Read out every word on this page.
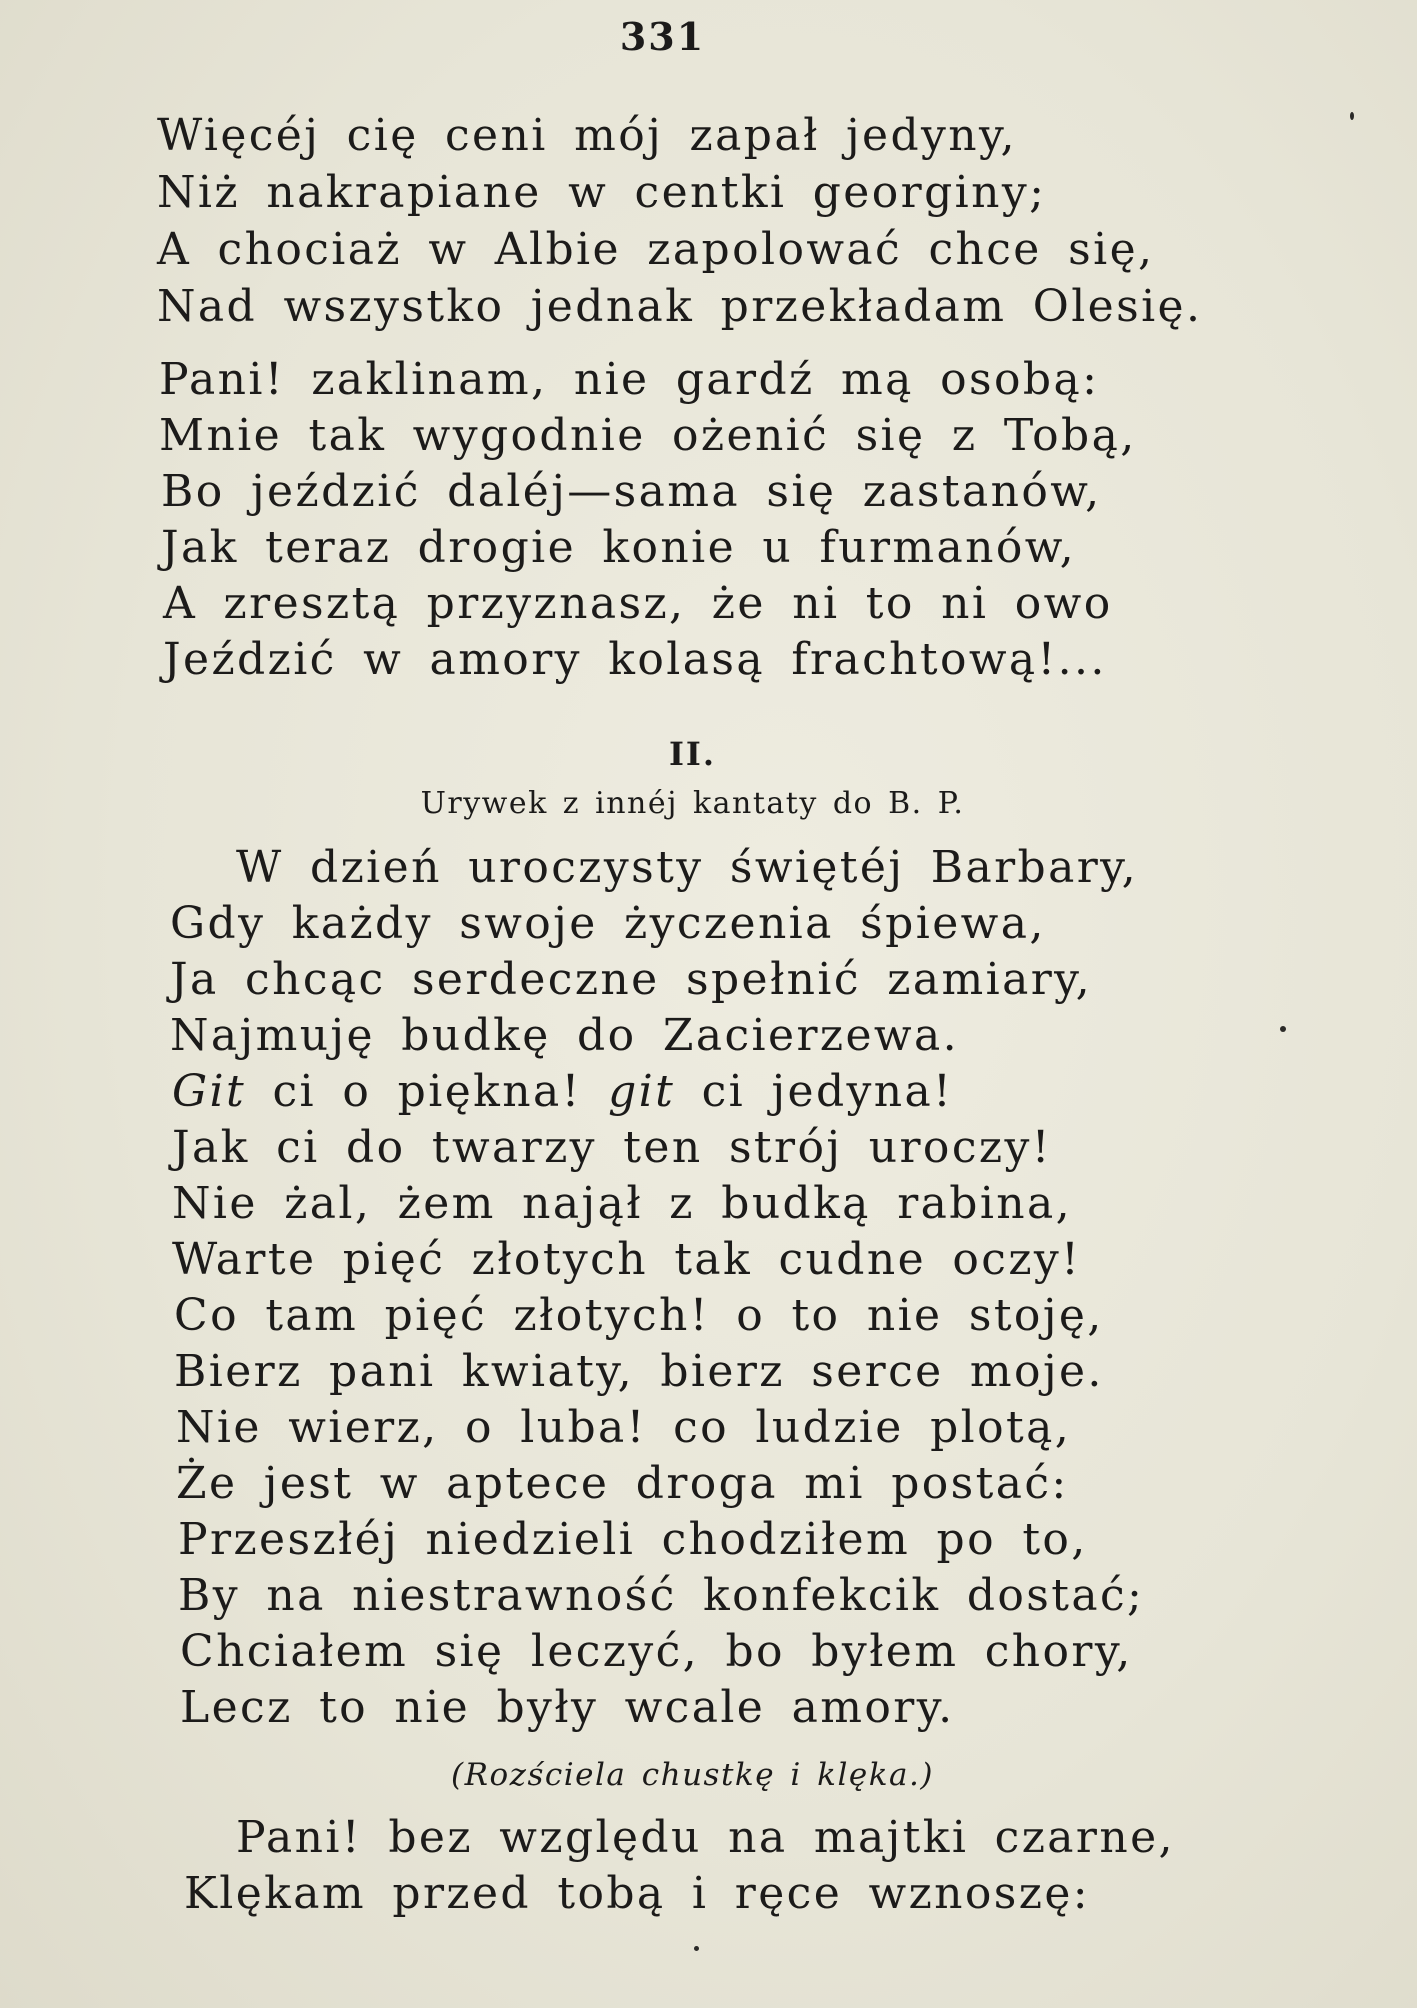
331
Więcéj cię ceni mój zapał jedyny,
Niż nakrapiane w centki georginy;
A chociaż w Albie zapolować chce się,
Nad wszystko jednak przekładam Olesię.
Pani! zaklinam, nie gardź mą osobą:
Mnie tak wygodnie ożenić się z Tobą,
Bo jeździć daléj—sama się zastanów,
Jak teraz drogie konie u furmanów,
A zresztą przyznasz, że ni to ni owo
Jeździć w amory kolasą frachtową!...
II.
Urywek z innéj kantaty do B. P.
W dzień uroczysty świętéj Barbary,
Gdy każdy swoje życzenia śpiewa,
Ja chcąc serdeczne spełnić zamiary,
Najmuję budkę do Zacierzewa.
Git ci o piękna! git ci jedyna!
Jak ci do twarzy ten strój uroczy!
Nie żal, żem najął z budką rabina,
Warte pięć złotych tak cudne oczy!
Co tam pięć złotych! o to nie stoję,
Bierz pani kwiaty, bierz serce moje.
Nie wierz, o luba! co ludzie plotą,
Że jest w aptece droga mi postać:
Przeszłéj niedzieli chodziłem po to,
By na niestrawność konfekcik dostać;
Chciałem się leczyć, bo byłem chory,
Lecz to nie były wcale amory.
(Rozściela chustkę i klęka.)
Pani! bez względu na majtki czarne,
Klękam przed tobą i ręce wznoszę:
